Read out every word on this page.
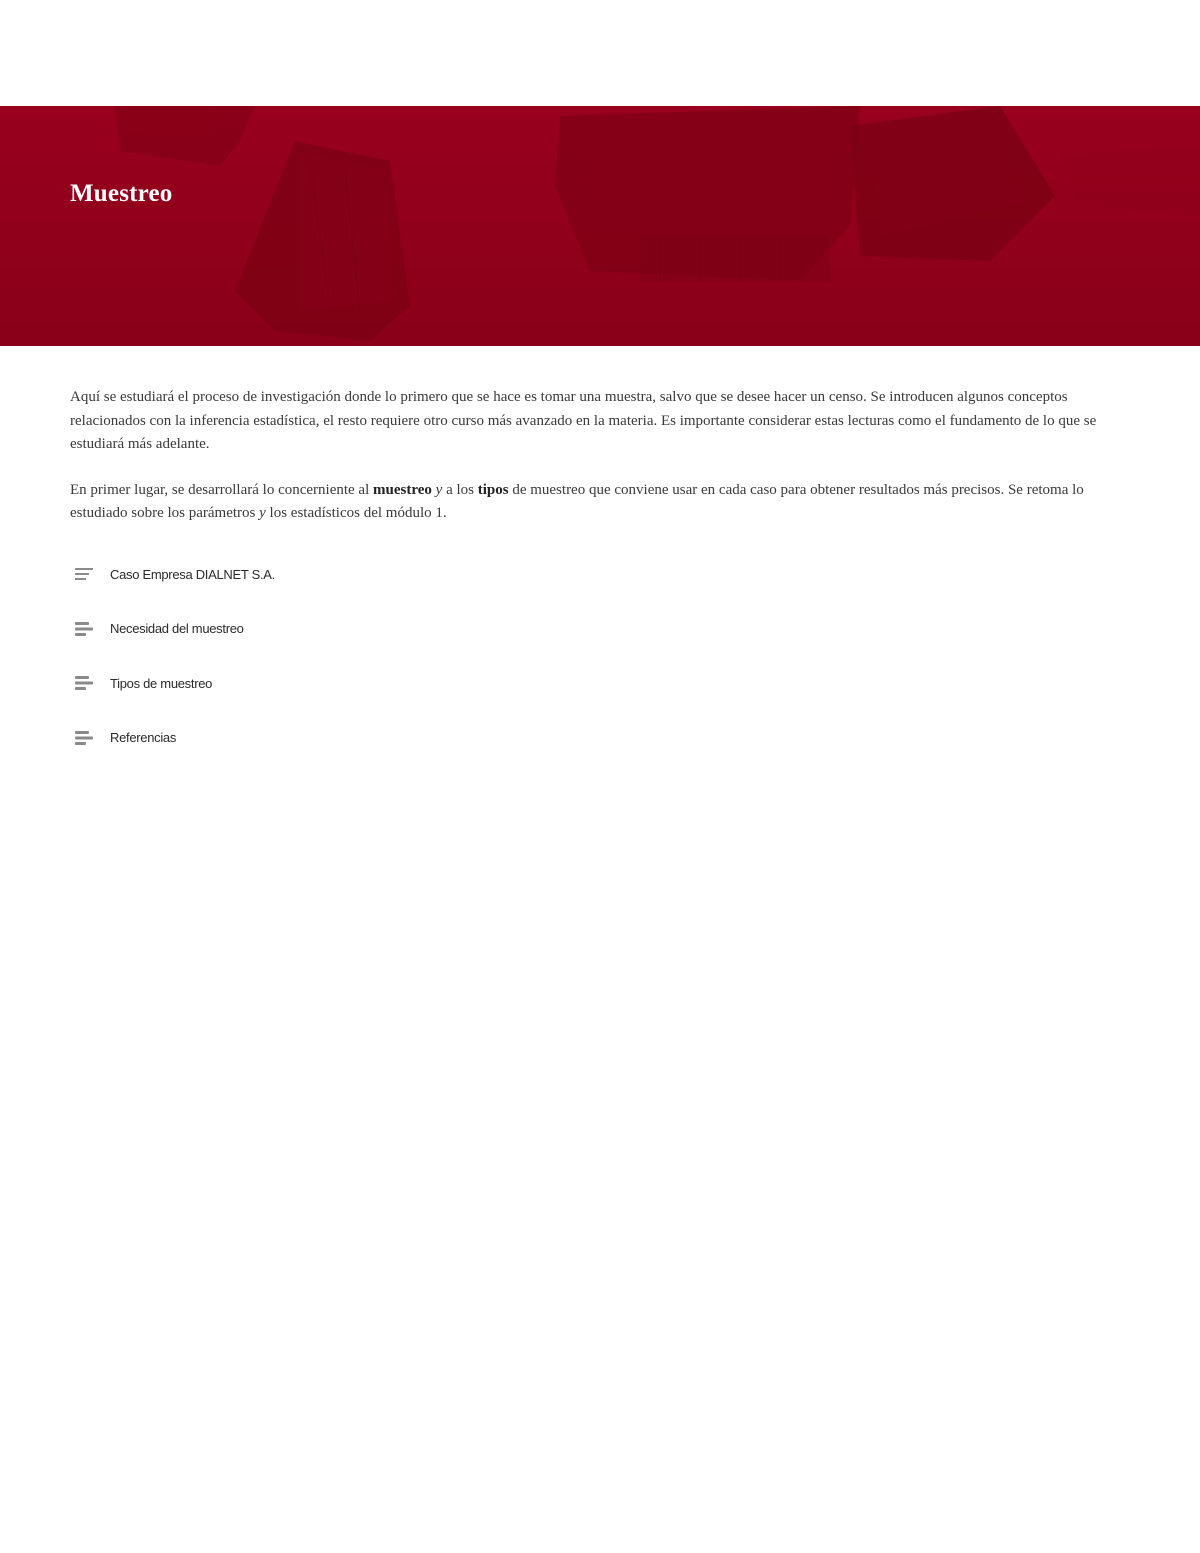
Muestreo

Aquí se estudiará el proceso de investigación donde lo primero que se hace es tomar una muestra, salvo que se desee hacer un censo. Se introducen algunos conceptos relacionados con la inferencia estadística, el resto requiere otro curso más avanzado en la materia. Es importante considerar estas lecturas como el fundamento de lo que se estudiará más adelante.

En primer lugar, se desarrollará lo concerniente al muestreo y a los tipos de muestreo que conviene usar en cada caso para obtener resultados más precisos. Se retoma lo estudiado sobre los parámetros y los estadísticos del módulo 1.

Caso Empresa DIALNET S.A.
Necesidad del muestreo
Tipos de muestreo
Referencias
